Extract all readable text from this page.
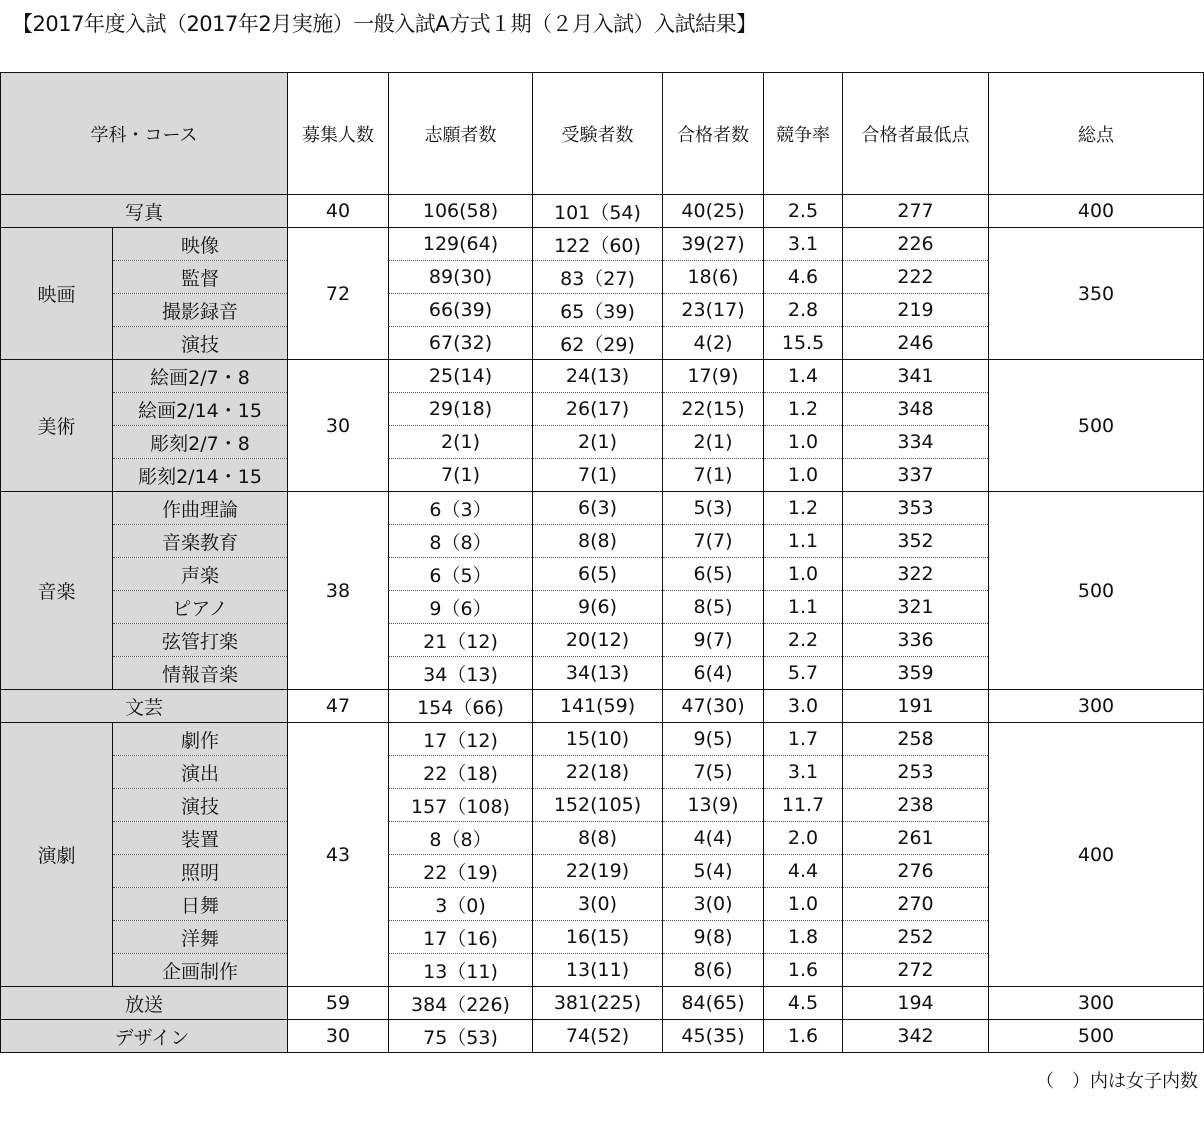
【2017年度入試（2017年2月実施）一般入試A方式１期（２月入試）入試結果】
学科・コース		募集人数	志願者数	受験者数	合格者数	競争率	合格者最低点	総点
写真		40	106(58)	101（54)	40(25)	2.5	277	400
映画	映像	72	129(64)	122（60)	39(27)	3.1	226	350
	監督		89(30)	83（27)	18(6)	4.6	222	
	撮影録音		66(39)	65（39)	23(17)	2.8	219	
	演技		67(32)	62（29)	4(2)	15.5	246	
美術	絵画2/7・8	30	25(14)	24(13)	17(9)	1.4	341	500
	絵画2/14・15		29(18)	26(17)	22(15)	1.2	348	
	彫刻2/7・8		2(1)	2(1)	2(1)	1.0	334	
	彫刻2/14・15		7(1)	7(1)	7(1)	1.0	337	
音楽	作曲理論	38	6（3）	6(3)	5(3)	1.2	353	500
	音楽教育		8（8）	8(8)	7(7)	1.1	352	
	声楽		6（5）	6(5)	6(5)	1.0	322	
	ピアノ		9（6）	9(6)	8(5)	1.1	321	
	弦管打楽		21（12)	20(12)	9(7)	2.2	336	
	情報音楽		34（13)	34(13)	6(4)	5.7	359	
文芸		47	154（66)	141(59)	47(30)	3.0	191	300
演劇	劇作	43	17（12)	15(10)	9(5)	1.7	258	400
	演出		22（18)	22(18)	7(5)	3.1	253	
	演技		157（108)	152(105)	13(9)	11.7	238	
	装置		8（8）	8(8)	4(4)	2.0	261	
	照明		22（19)	22(19)	5(4)	4.4	276	
	日舞		3（0)	3(0)	3(0)	1.0	270	
	洋舞		17（16)	16(15)	9(8)	1.8	252	
	企画制作		13（11)	13(11)	8(6)	1.6	272	
放送		59	384（226)	381(225)	84(65)	4.5	194	300
デザイン		30	75（53)	74(52)	45(35)	1.6	342	500
（　）内は女子内数
